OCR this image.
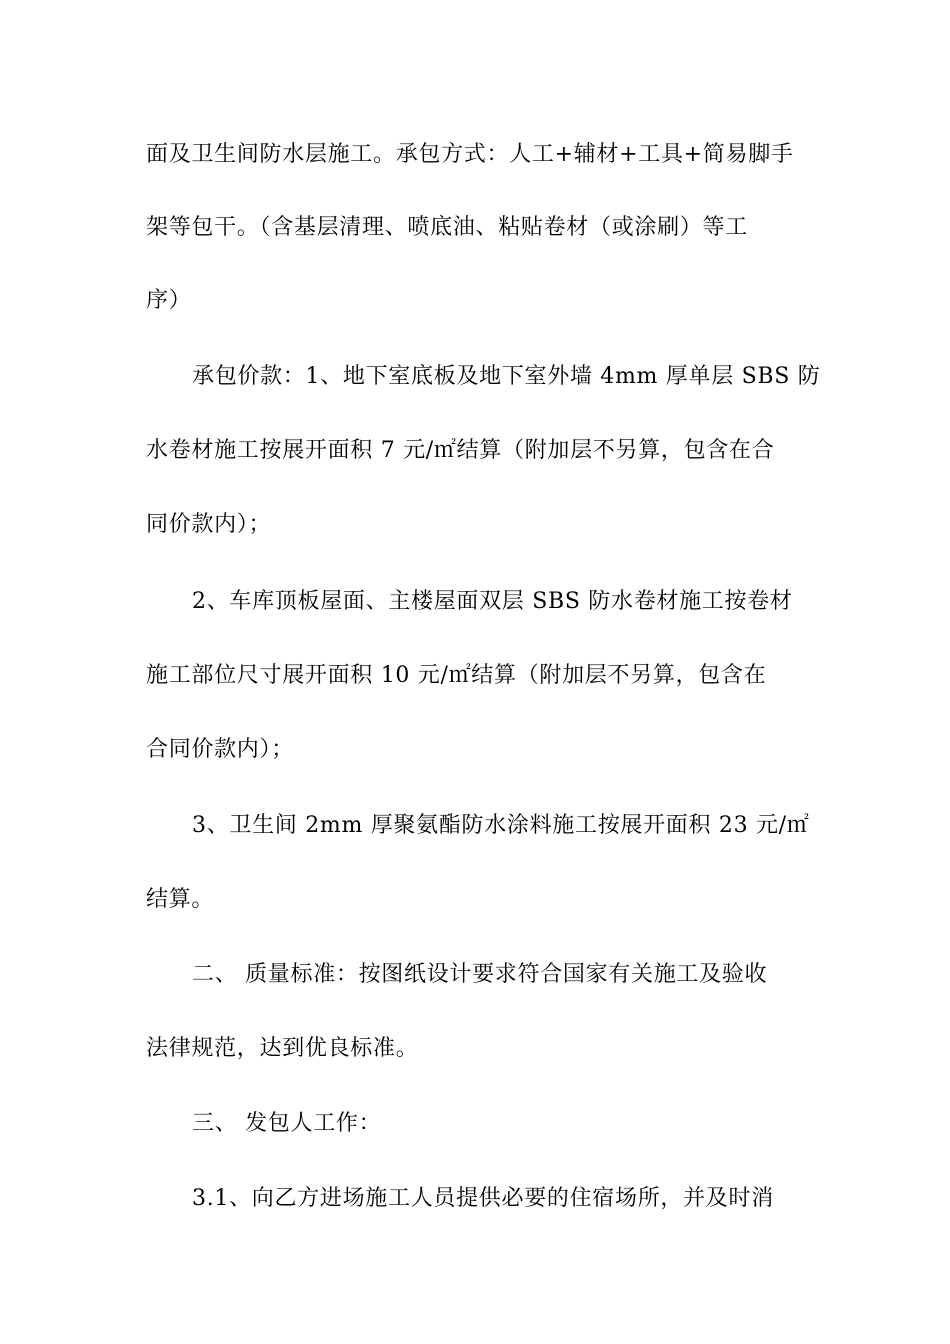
面及卫生间防水层施工。承包方式：人工+辅材+工具+简易脚手
架等包干。（含基层清理、喷底油、粘贴卷材（或涂刷）等工
序）
承包价款：1、地下室底板及地下室外墙 4mm 厚单层 SBS 防
水卷材施工按展开面积 7 元/㎡结算（附加层不另算，包含在合
同价款内）；
2、车库顶板屋面、主楼屋面双层 SBS 防水卷材施工按卷材
施工部位尺寸展开面积 10 元/㎡结算（附加层不另算，包含在
合同价款内）；
3、卫生间 2mm 厚聚氨酯防水涂料施工按展开面积 23 元/㎡
结算。
二、 质量标准：按图纸设计要求符合国家有关施工及验收
法律规范，达到优良标准。
三、 发包人工作：
3.1、向乙方进场施工人员提供必要的住宿场所，并及时消
